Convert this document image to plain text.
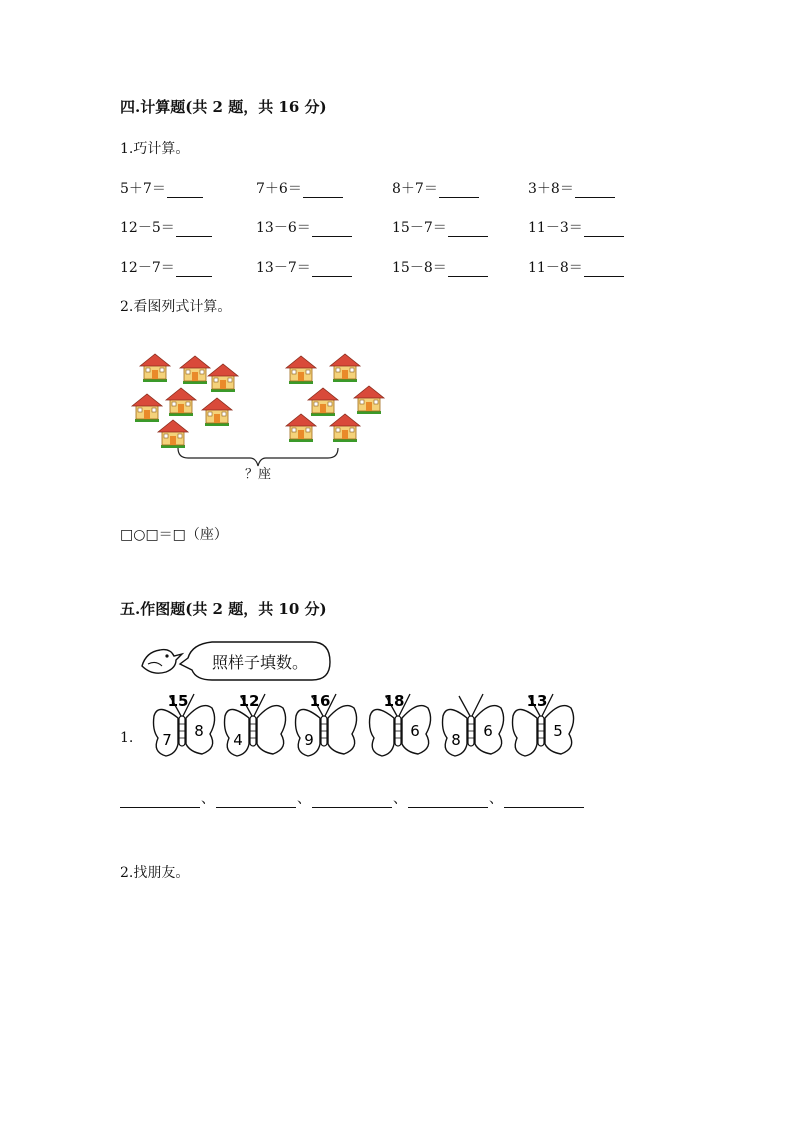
四.计算题(共 2 题，共 16 分)
1.巧计算。
5＋7＝	7＋6＝	8＋7＝	3＋8＝
12－5＝	13－6＝	15－7＝	11－3＝
12－7＝	13－7＝	15－8＝	11－8＝
2.看图列式计算。
？座
□○□＝□（座）
五.作图题(共 2 题，共 10 分)
照样子填数。
15
7 8
12
4
16
9
18
6 8 6
13
5
1.
、	、	、	、
2.找朋友。
